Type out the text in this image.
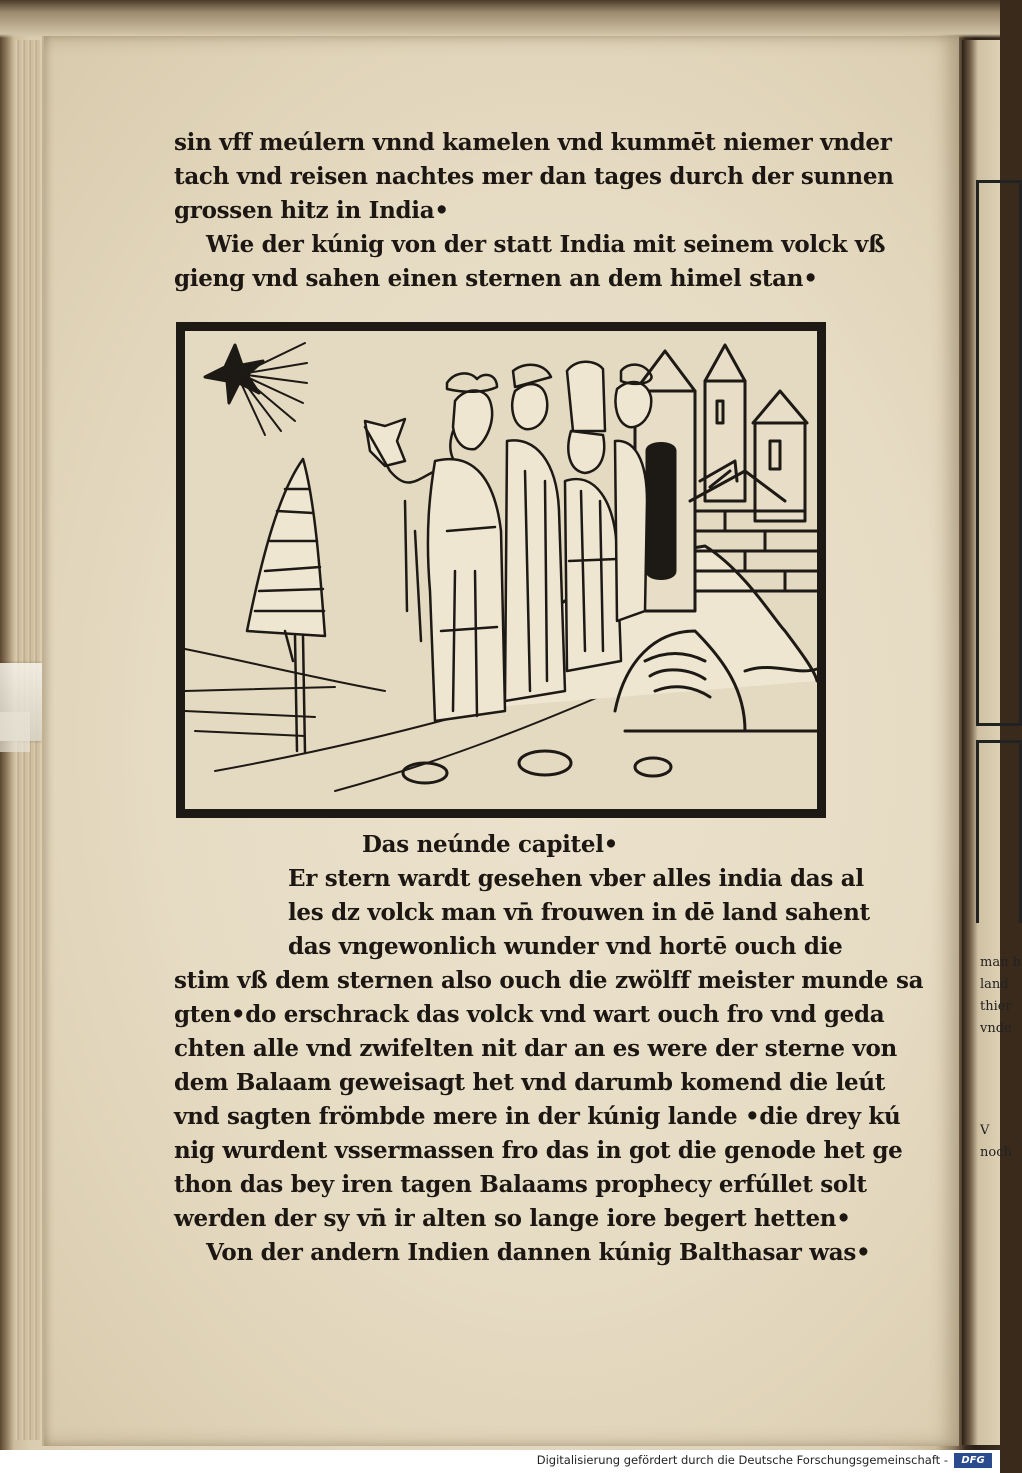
man h
land
thier
vnde
V
noch
sin vff meúlern vnnd kamelen vnd kummēt niemer vnder
tach vnd reisen nachtes mer dan tages durch der sunnen
grossen hitz in India•
Wie der kúnig von der statt India mit seinem volck vß
gieng vnd sahen einen sternen an dem himel stan•
Das neúnde capitel•
Er stern wardt gesehen vber alles india das al
les dz volck man vn̄ frouwen in dē land sahent
das vngewonlich wunder vnd hortē ouch die
stim vß dem sternen also ouch die zwölff meister munde sa
gten•do erschrack das volck vnd wart ouch fro vnd geda
chten alle vnd zwifelten nit dar an es were der sterne von
dem Balaam geweisagt het vnd darumb komend die leút
vnd sagten frömbde mere in der kúnig lande •die drey kú
nig wurdent vssermassen fro das in got die genode het ge
thon das bey iren tagen Balaams prophecy erfúllet solt
werden der sy vn̄ ir alten so lange iore begert hetten•
Von der andern Indien dannen kúnig Balthasar was•
Digitalisierung gefördert durch die Deutsche Forschungsgemeinschaft -	DFG
